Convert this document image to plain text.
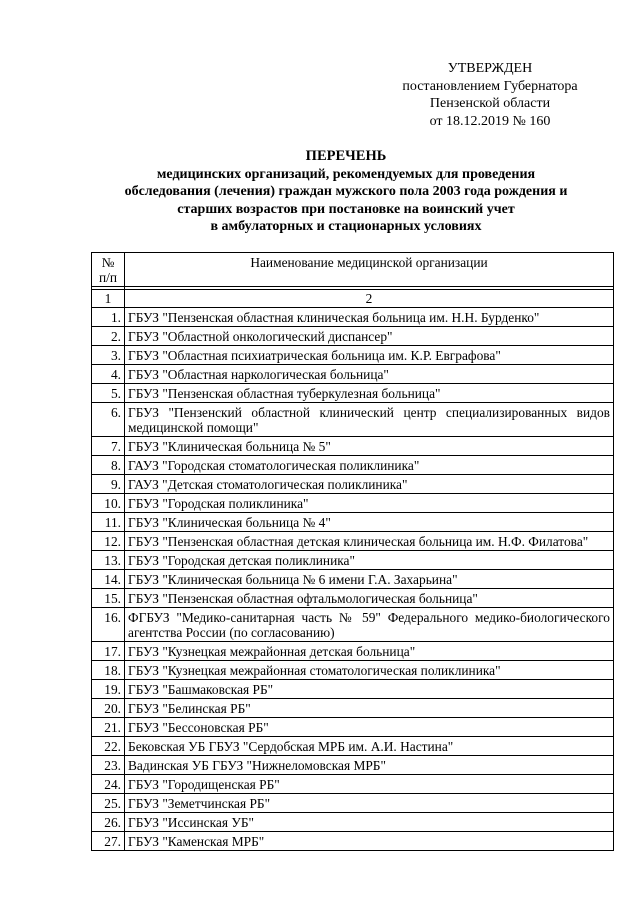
УТВЕРЖДЕН
постановлением Губернатора
Пензенской области
от 18.12.2019 № 160
ПЕРЕЧЕНЬ
медицинских организаций, рекомендуемых для проведения
обследования (лечения) граждан мужского пола 2003 года рождения и
старших возрастов при постановке на воинский учет
в амбулаторных и стационарных условиях
№
п/п	Наименование медицинской организации

1	2
1.	ГБУЗ "Пензенская областная клиническая больница им. Н.Н. Бурденко"
2.	ГБУЗ "Областной онкологический диспансер"
3.	ГБУЗ "Областная психиатрическая больница им. К.Р. Евграфова"
4.	ГБУЗ "Областная наркологическая больница"
5.	ГБУЗ "Пензенская областная туберкулезная больница"
6.	ГБУЗ "Пензенский областной клинический центр специализированных видов медицинской помощи"
7.	ГБУЗ "Клиническая больница № 5"
8.	ГАУЗ "Городская стоматологическая поликлиника"
9.	ГАУЗ "Детская стоматологическая поликлиника"
10.	ГБУЗ "Городская поликлиника"
11.	ГБУЗ "Клиническая больница № 4"
12.	ГБУЗ "Пензенская областная детская клиническая больница им. Н.Ф. Филатова"
13.	ГБУЗ "Городская детская поликлиника"
14.	ГБУЗ "Клиническая больница № 6 имени Г.А. Захарьина"
15.	ГБУЗ "Пензенская областная офтальмологическая больница"
16.	ФГБУЗ "Медико-санитарная часть № 59" Федерального медико-биологического агентства России (по согласованию)
17.	ГБУЗ "Кузнецкая межрайонная детская больница"
18.	ГБУЗ "Кузнецкая межрайонная стоматологическая поликлиника"
19.	ГБУЗ "Башмаковская РБ"
20.	ГБУЗ "Белинская РБ"
21.	ГБУЗ "Бессоновская РБ"
22.	Бековская УБ ГБУЗ "Сердобская МРБ им. А.И. Настина"
23.	Вадинская УБ ГБУЗ "Нижнеломовская МРБ"
24.	ГБУЗ "Городищенская РБ"
25.	ГБУЗ "Земетчинская РБ"
26.	ГБУЗ "Иссинская УБ"
27.	ГБУЗ "Каменская МРБ"
